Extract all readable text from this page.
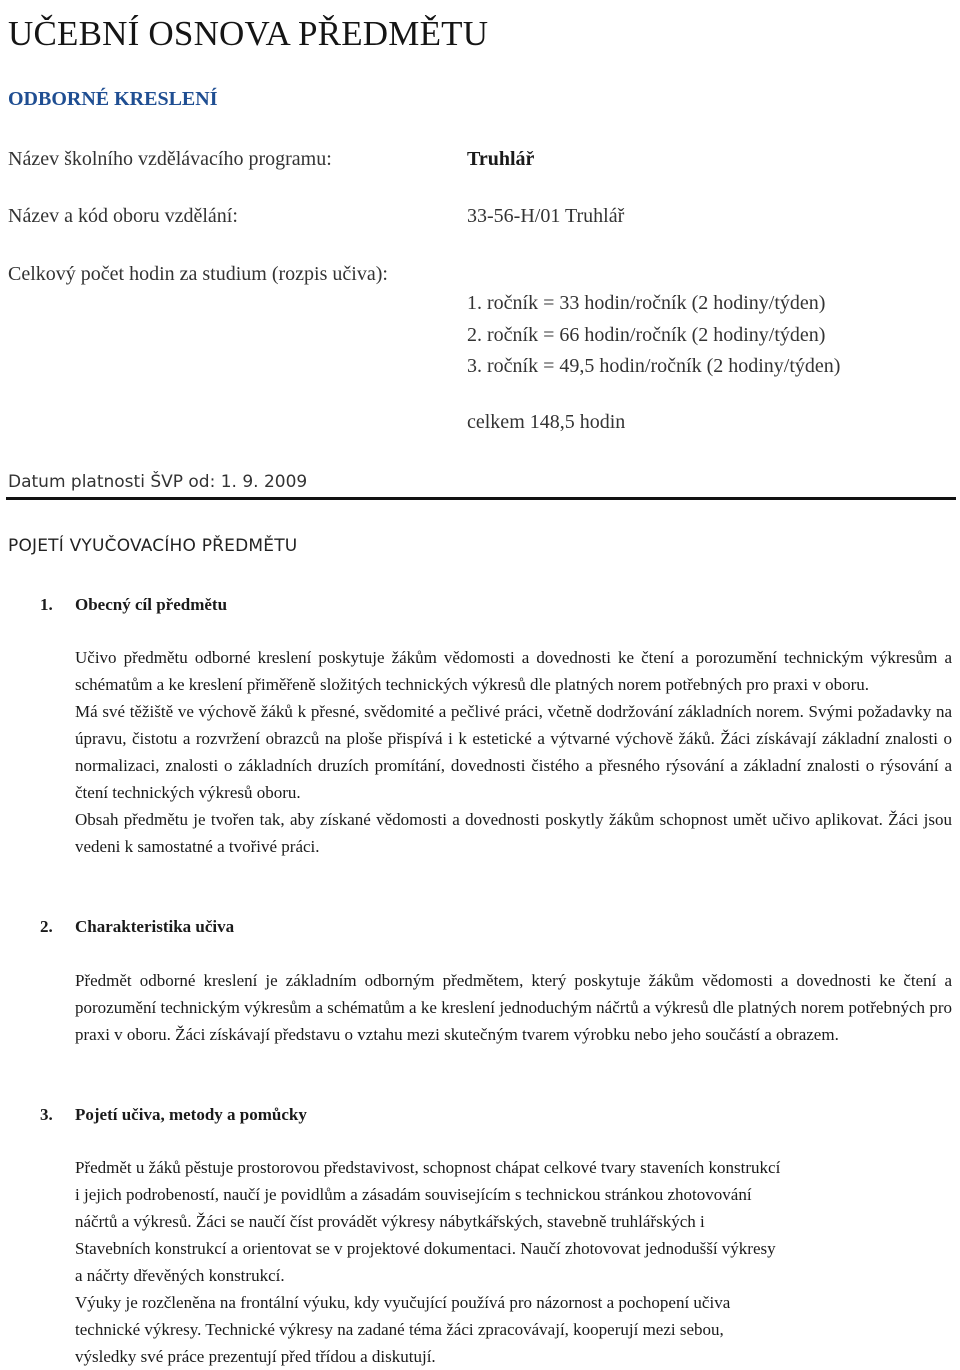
UČEBNÍ OSNOVA PŘEDMĚTU
ODBORNÉ KRESLENÍ
Název školního vzdělávacího programu:	Truhlář
Název a kód oboru vzdělání:	33-56-H/01 Truhlář
Celkový počet hodin za studium (rozpis učiva):
1. ročník = 33 hodin/ročník (2 hodiny/týden)
2. ročník = 66 hodin/ročník (2 hodiny/týden)
3. ročník = 49,5 hodin/ročník (2 hodiny/týden)
celkem 148,5 hodin
Datum platnosti ŠVP od: 1. 9. 2009
POJETÍ VYUČOVACÍHO PŘEDMĚTU
1. Obecný cíl předmětu

Učivo předmětu odborné kreslení poskytuje žákům vědomosti a dovednosti ke čtení a porozumění technickým výkresům a schématům a ke kreslení přiměřeně složitých technických výkresů dle platných norem potřebných pro praxi v oboru.

Má své těžiště ve výchově žáků k přesné, svědomité a pečlivé práci, včetně dodržování základních norem. Svými požadavky na úpravu, čistotu a rozvržení obrazců na ploše přispívá i k estetické a výtvarné výchově žáků. Žáci získávají základní znalosti o normalizaci, znalosti o základních druzích promítání, dovednosti čistého a přesného rýsování a základní znalosti o rýsování a čtení technických výkresů oboru.

Obsah předmětu je tvořen tak, aby získané vědomosti a dovednosti poskytly žákům schopnost umět učivo aplikovat. Žáci jsou vedeni k samostatné a tvořivé práci.

2. Charakteristika učiva

Předmět odborné kreslení je základním odborným předmětem, který poskytuje žákům vědomosti a dovednosti ke čtení a porozumění technickým výkresům a schématům a ke kreslení jednoduchým náčrtů a výkresů dle platných norem potřebných pro praxi v oboru. Žáci získávají představu o vztahu mezi skutečným tvarem výrobku nebo jeho součástí a obrazem.

3. Pojetí učiva, metody a pomůcky

Předmět u žáků pěstuje prostorovou představivost, schopnost chápat celkové tvary staveních konstrukcí

i jejich podrobeností, naučí je povidlům a zásadám souvisejícím s technickou stránkou zhotovování

náčrtů a výkresů. Žáci se naučí číst provádět výkresy nábytkářských, stavebně truhlářských i

Stavebních konstrukcí a orientovat se v projektové dokumentaci. Naučí zhotovovat jednodušší výkresy

a náčrty dřevěných konstrukcí.

Výuky je rozčleněna na frontální výuku, kdy vyučující používá pro názornost a pochopení učiva

technické výkresy. Technické výkresy na zadané téma žáci zpracovávají, kooperují mezi sebou,

výsledky své práce prezentují před třídou a diskutují.
